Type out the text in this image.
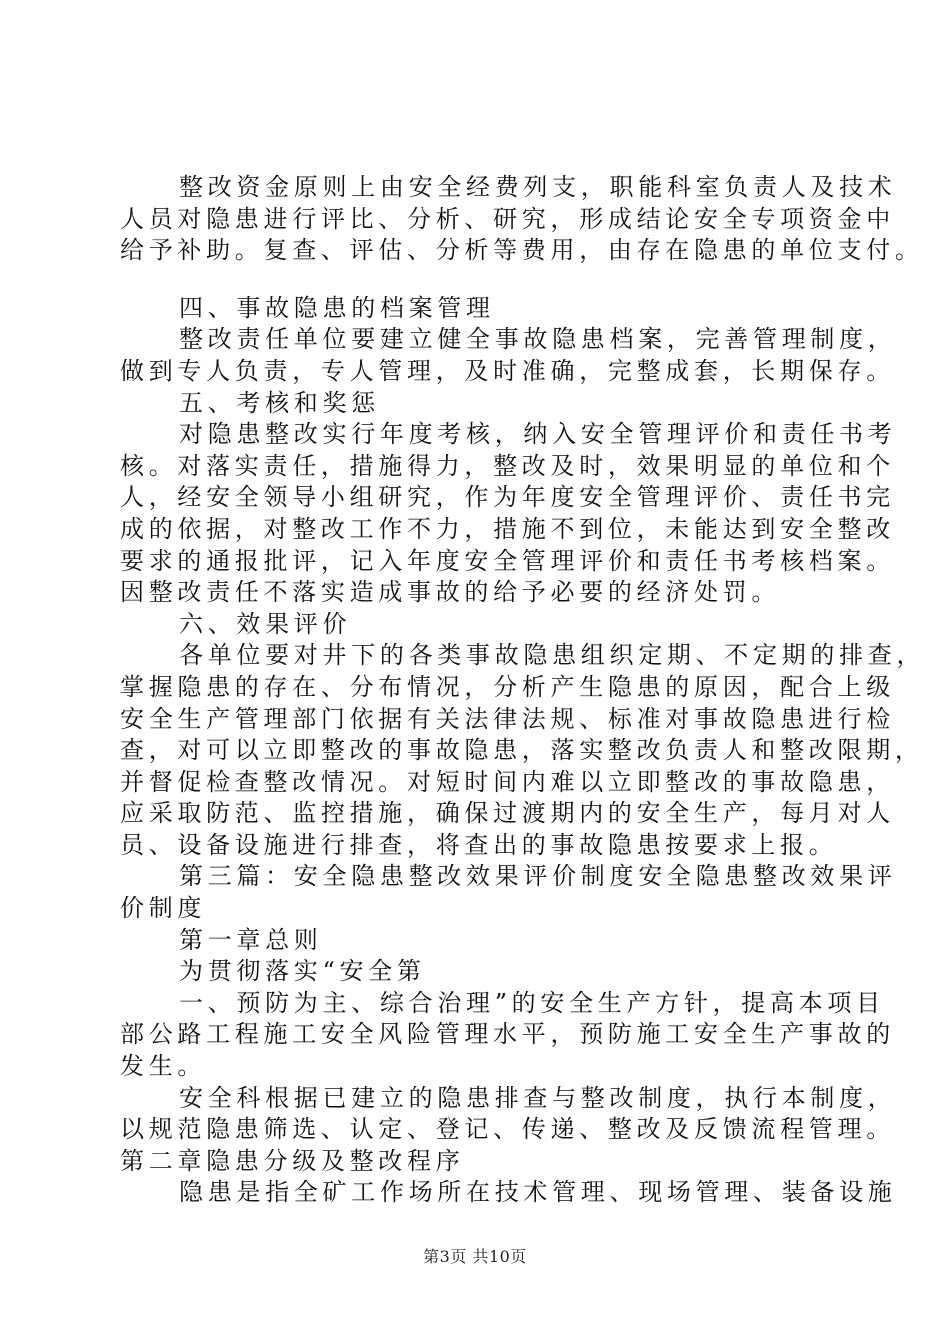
整改资金原则上由安全经费列支，职能科室负责人及技术
人员对隐患进行评比、分析、研究，形成结论安全专项资金中
给予补助。复查、评估、分析等费用，由存在隐患的单位支付。
四、事故隐患的档案管理
整改责任单位要建立健全事故隐患档案，完善管理制度，
做到专人负责，专人管理，及时准确，完整成套，长期保存。
五、考核和奖惩
对隐患整改实行年度考核，纳入安全管理评价和责任书考
核。对落实责任，措施得力，整改及时，效果明显的单位和个
人，经安全领导小组研究，作为年度安全管理评价、责任书完
成的依据，对整改工作不力，措施不到位，未能达到安全整改
要求的通报批评，记入年度安全管理评价和责任书考核档案。
因整改责任不落实造成事故的给予必要的经济处罚。
六、效果评价
各单位要对井下的各类事故隐患组织定期、不定期的排查，
掌握隐患的存在、分布情况，分析产生隐患的原因，配合上级
安全生产管理部门依据有关法律法规、标准对事故隐患进行检
查，对可以立即整改的事故隐患，落实整改负责人和整改限期，
并督促检查整改情况。对短时间内难以立即整改的事故隐患，
应采取防范、监控措施，确保过渡期内的安全生产，每月对人
员、设备设施进行排查，将查出的事故隐患按要求上报。
第三篇：安全隐患整改效果评价制度安全隐患整改效果评
价制度
第一章总则
为贯彻落实“安全第
一、预防为主、综合治理”的安全生产方针，提高本项目
部公路工程施工安全风险管理水平，预防施工安全生产事故的
发生。
安全科根据已建立的隐患排查与整改制度，执行本制度，
以规范隐患筛选、认定、登记、传递、整改及反馈流程管理。
第二章隐患分级及整改程序
隐患是指全矿工作场所在技术管理、现场管理、装备设施
第3页 共10页
